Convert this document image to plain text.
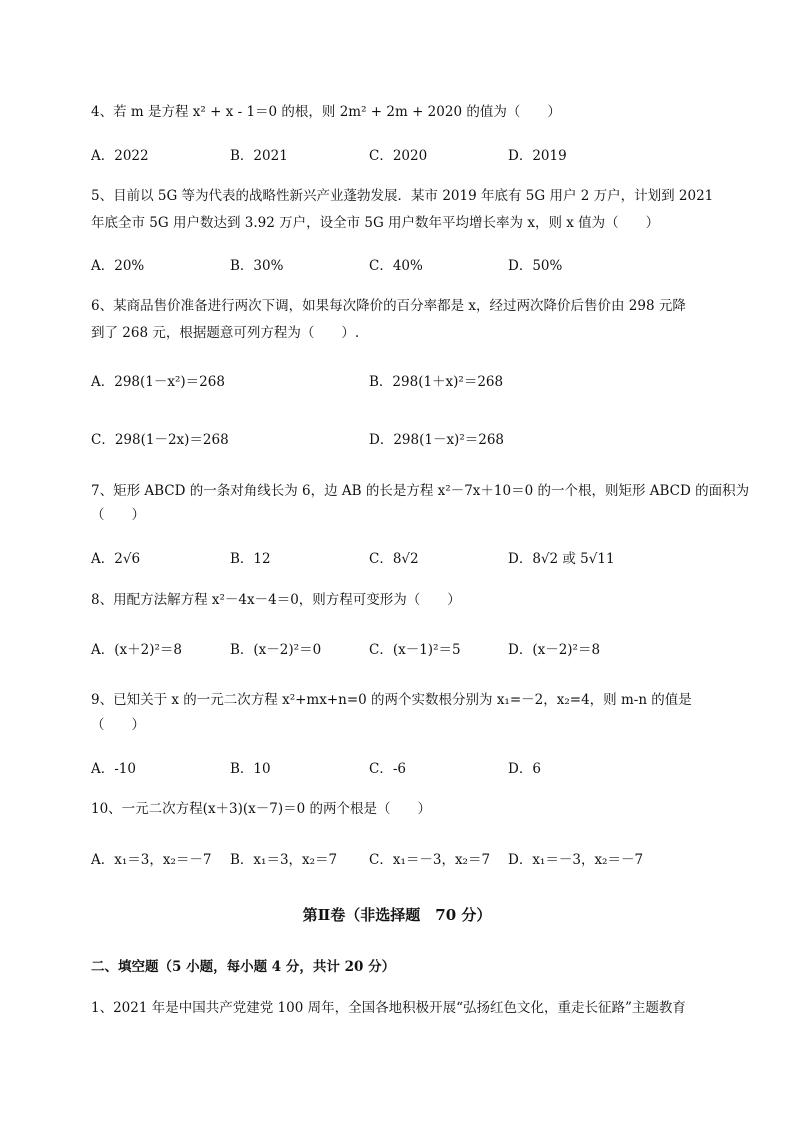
4、若 m 是方程 x² + x - 1＝0 的根，则 2m² + 2m + 2020 的值为（　　）
A．2022	B．2021	C．2020	D．2019
5、目前以 5G 等为代表的战略性新兴产业蓬勃发展．某市 2019 年底有 5G 用户 2 万户，计划到 2021
年底全市 5G 用户数达到 3.92 万户，设全市 5G 用户数年平均增长率为 x，则 x 值为（　　）
A．20%	B．30%	C．40%	D．50%
6、某商品售价准备进行两次下调，如果每次降价的百分率都是 x，经过两次降价后售价由 298 元降
到了 268 元，根据题意可列方程为（　　）.
A．298(1－x²)＝268	B．298(1＋x)²＝268
C．298(1－2x)＝268	D．298(1－x)²＝268
7、矩形 ABCD 的一条对角线长为 6，边 AB 的长是方程 x²－7x＋10＝0 的一个根，则矩形 ABCD 的面积为
（　　）
A．2√6	B．12	C．8√2	D．8√2 或 5√11
8、用配方法解方程 x²－4x－4＝0，则方程可变形为（　　）
A．(x＋2)²＝8	B．(x－2)²＝0	C．(x－1)²＝5	D．(x－2)²＝8
9、已知关于 x 的一元二次方程 x²+mx+n=0 的两个实数根分别为 x₁=－2，x₂=4，则 m-n 的值是
（　　）
A．-10	B．10	C．-6	D．6
10、一元二次方程(x＋3)(x－7)＝0 的两个根是（　　）
A．x₁＝3，x₂＝－7 B．x₁＝3，x₂＝7 C．x₁＝－3，x₂＝7 D．x₁＝－3，x₂＝－7
第Ⅱ卷（非选择题　70 分）
二、填空题（5 小题，每小题 4 分，共计 20 分）
1、2021 年是中国共产党建党 100 周年，全国各地积极开展“弘扬红色文化，重走长征路”主题教育
